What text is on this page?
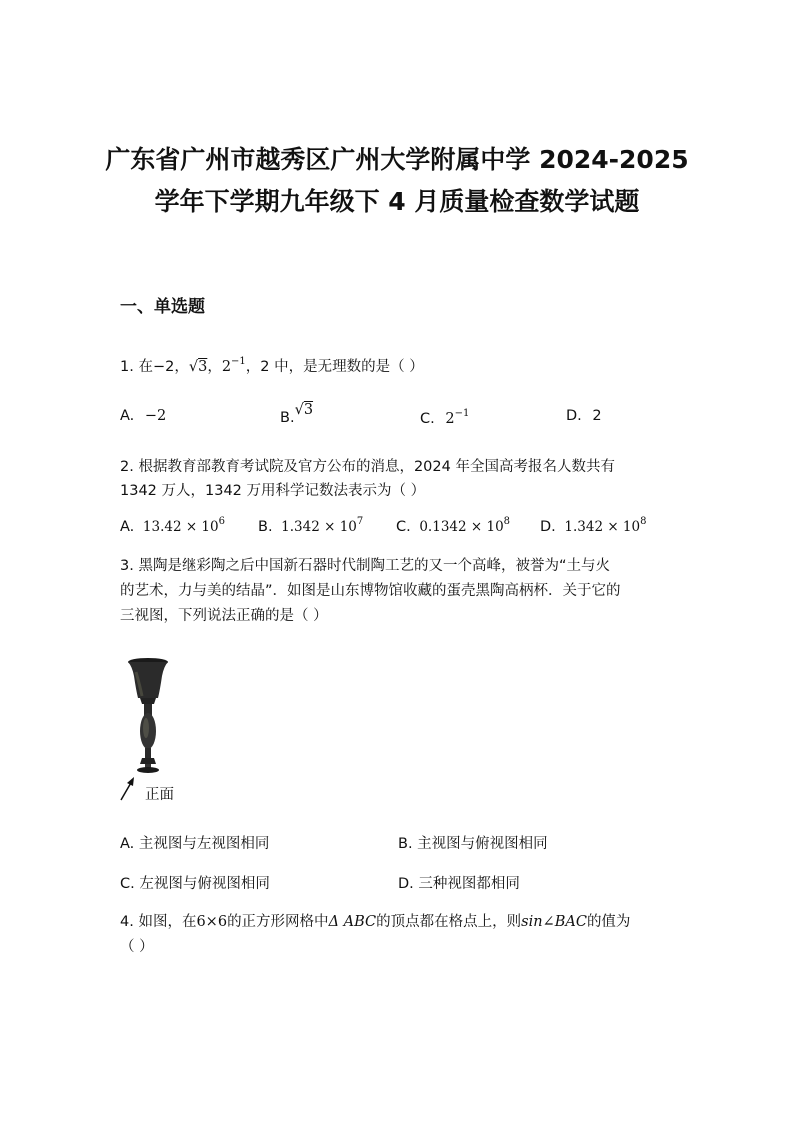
广东省广州市越秀区广州大学附属中学 2024-2025
学年下学期九年级下 4 月质量检查数学试题
一、单选题
1. 在−2，√3，$2^{-1}$，2 中，是无理数的是（ ）
A. −2	B.√3
C. $2^{-1}$	D. 2
2. 根据教育部教育考试院及官方公布的消息，2024 年全国高考报名人数共有
1342 万人，1342 万用科学记数法表示为（ ）
A. $13.42 \times 10^6$ B. $1.342 \times 10^7$ C. $0.1342 \times 10^8$ D. $1.342 \times 10^8$
3. 黑陶是继彩陶之后中国新石器时代制陶工艺的又一个高峰，被誉为“土与火
的艺术，力与美的结晶”．如图是山东博物馆收藏的蛋壳黑陶高柄杯．关于它的
三视图，下列说法正确的是（ ）
正面
A. 主视图与左视图相同	B. 主视图与俯视图相同
C. 左视图与俯视图相同	D. 三种视图都相同
4. 如图，在6×6的正方形网格中Δ ABC的顶点都在格点上，则sin∠BAC的值为
（ ）
